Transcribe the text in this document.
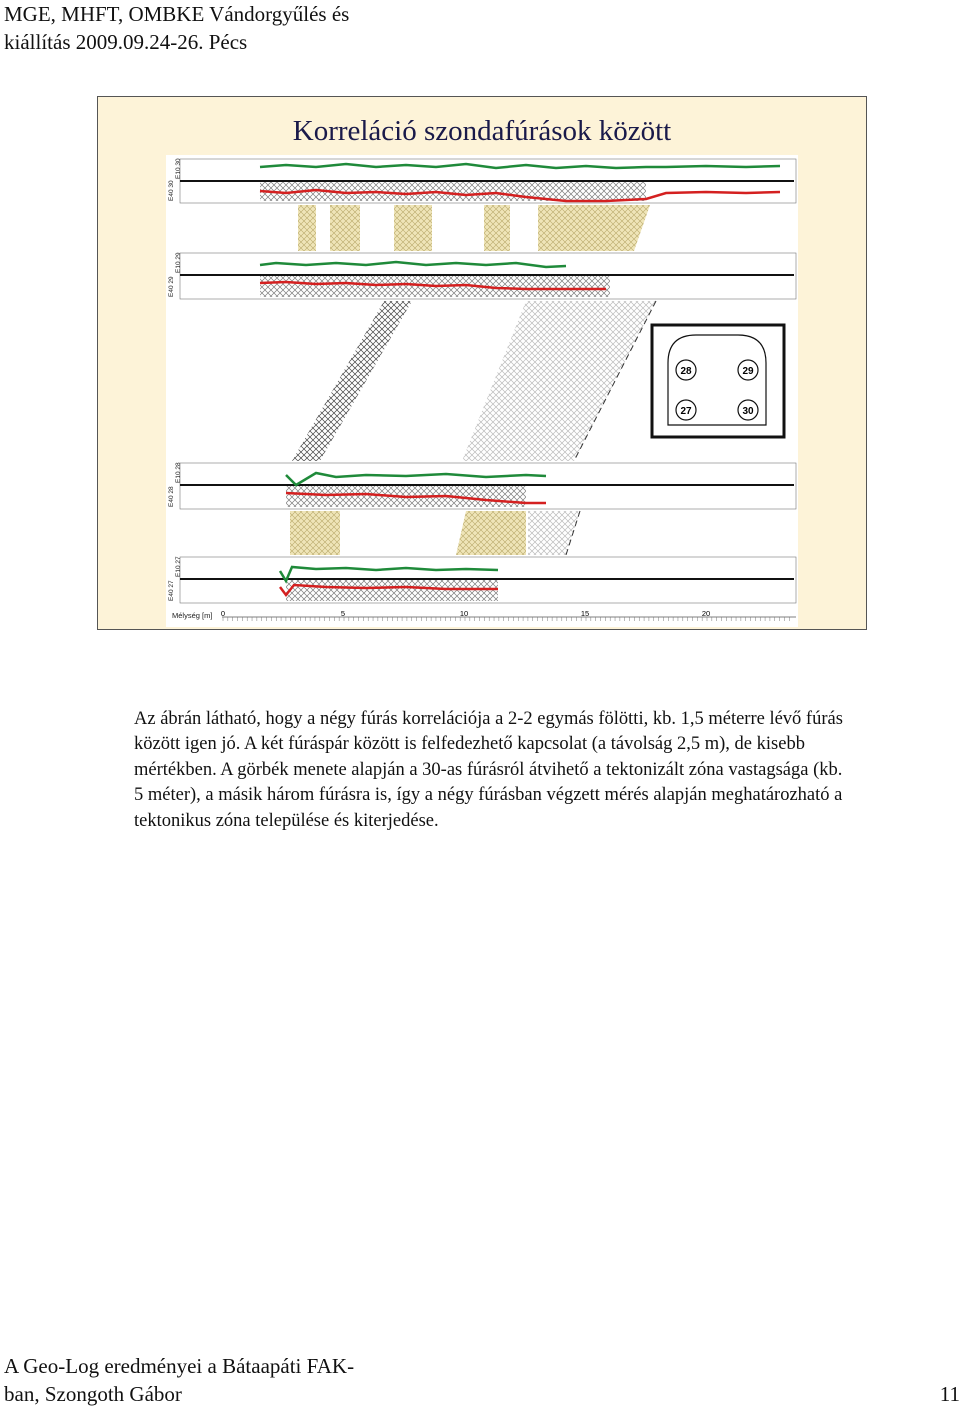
MGE, MHFT, OMBKE Vándorgyűlés és
kiállítás 2009.09.24-26. Pécs
Korreláció szondafúrások között
28	29
27	30
Mélység [m] 0	5	10	15	20
E40 30
E10 30
E40 29
E10 29
E40 28
E10 28
E40 27
E10 27
Az ábrán látható, hogy a négy fúrás korrelációja a 2-2 egymás fölötti, kb. 1,5 méterre lévő fúrás között igen jó. A két fúráspár között is felfedezhető kapcsolat (a távolság 2,5 m), de kisebb mértékben. A görbék menete alapján a 30-as fúrásról átvihető a tektonizált zóna vastagsága (kb. 5 méter), a másik három fúrásra is, így a négy fúrásban végzett mérés alapján meghatározható a tektonikus zóna települése és kiterjedése.
A Geo-Log eredményei a Bátaapáti FAK-
ban, Szongoth Gábor	11
